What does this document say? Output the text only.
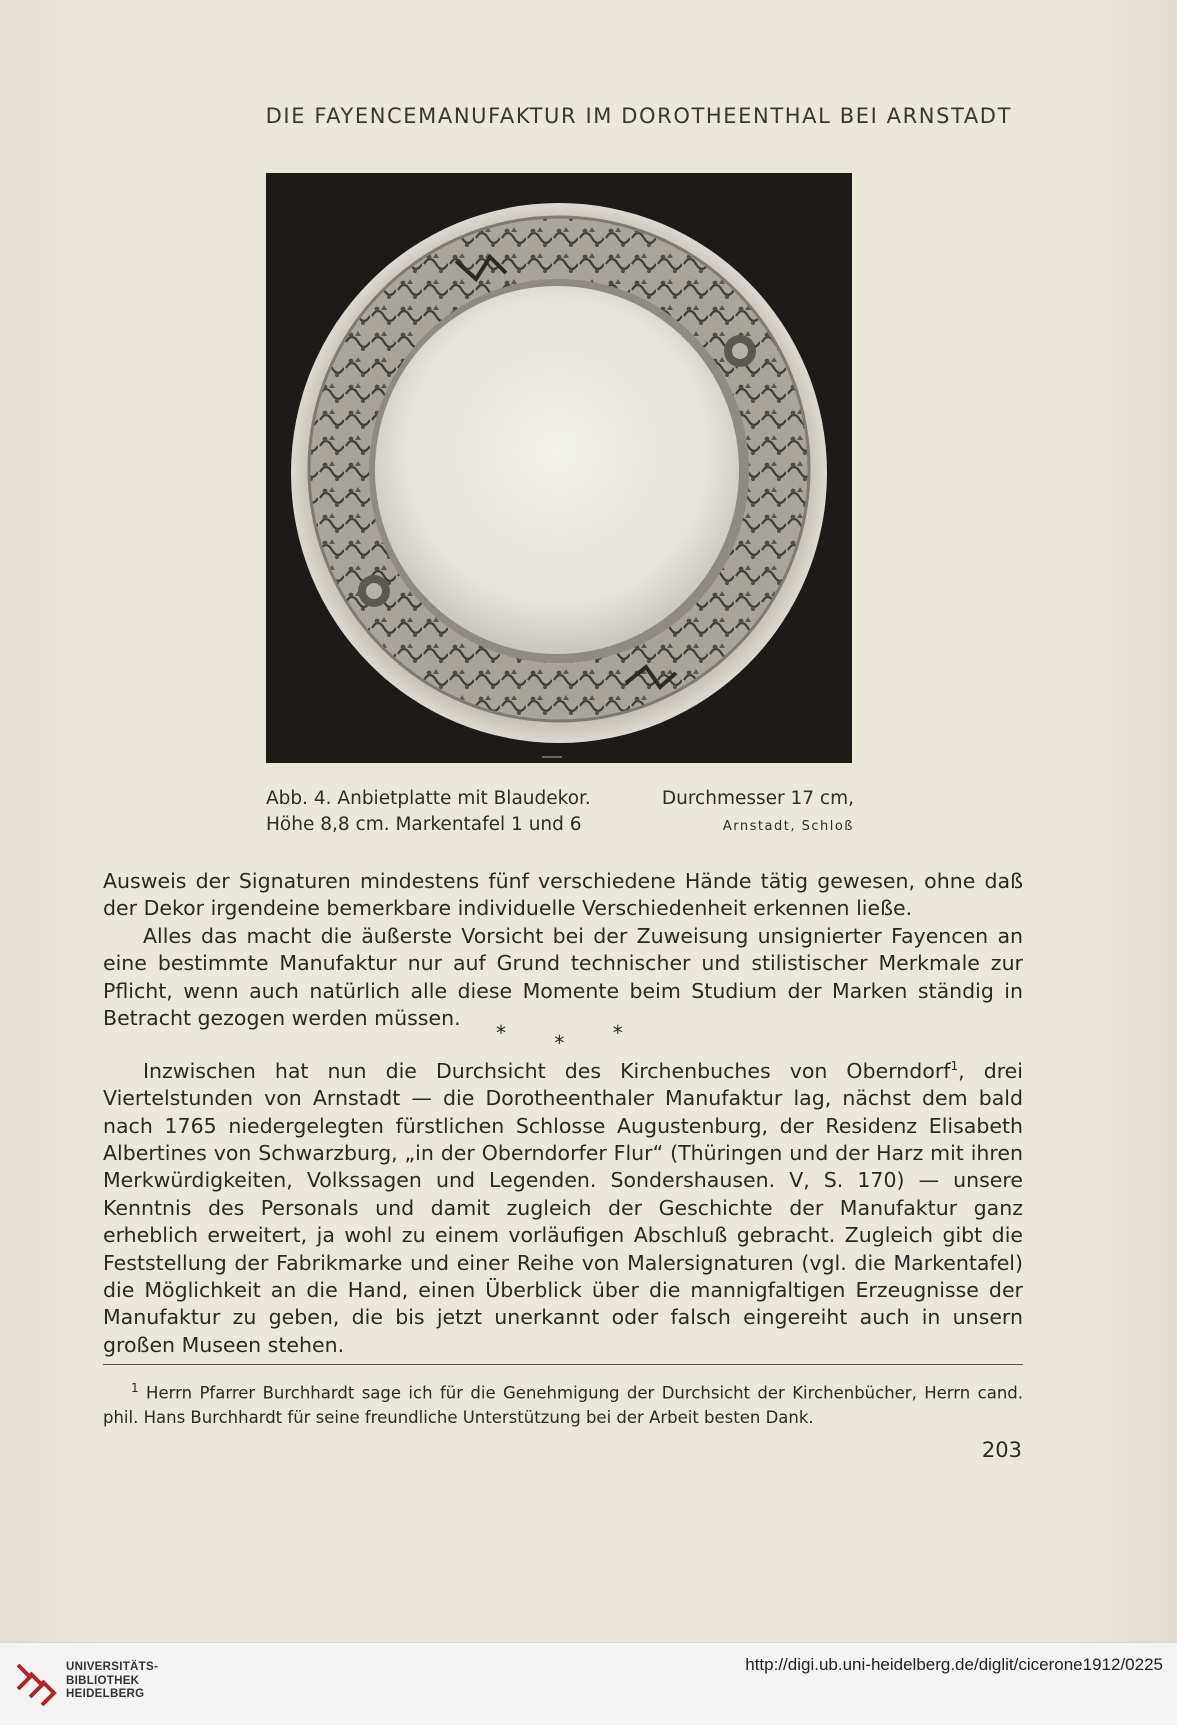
DIE FAYENCEMANUFAKTUR IM DOROTHEENTHAL BEI ARNSTADT
Abb. 4. Anbietplatte mit Blaudekor.	Durchmesser 17 cm,
Höhe 8,8 cm. Markentafel 1 und 6	Arnstadt, Schloß

Ausweis der Signaturen mindestens fünf verschiedene Hände tätig gewesen, ohne daß der Dekor irgendeine bemerkbare individuelle Verschiedenheit erkennen ließe.

Alles das macht die äußerste Vorsicht bei der Zuweisung unsignierter Fayencen an eine bestimmte Manufaktur nur auf Grund technischer und stilistischer Merkmale zur Pflicht, wenn auch natürlich alle diese Momente beim Studium der Marken ständig in Betracht gezogen werden müssen.

* * *

Inzwischen hat nun die Durchsicht des Kirchenbuches von Oberndorf$^1$, drei Viertelstunden von Arnstadt — die Dorotheenthaler Manufaktur lag, nächst dem bald nach 1765 niedergelegten fürstlichen Schlosse Augustenburg, der Residenz Elisabeth Albertines von Schwarzburg, „in der Oberndorfer Flur“ (Thüringen und der Harz mit ihren Merkwürdigkeiten, Volkssagen und Legenden. Sondershausen. V, S. 170) — unsere Kenntnis des Personals und damit zugleich der Geschichte der Manufaktur ganz erheblich erweitert, ja wohl zu einem vorläufigen Abschluß gebracht. Zugleich gibt die Feststellung der Fabrikmarke und einer Reihe von Malersignaturen (vgl. die Markentafel) die Möglichkeit an die Hand, einen Überblick über die mannigfaltigen Erzeugnisse der Manufaktur zu geben, die bis jetzt unerkannt oder falsch eingereiht auch in unsern großen Museen stehen.

$^1$ Herrn Pfarrer Burchhardt sage ich für die Genehmigung der Durchsicht der Kirchenbücher, Herrn cand. phil. Hans Burchhardt für seine freundliche Unterstützung bei der Arbeit besten Dank.

203
UNIVERSITÄTS-
BIBLIOTHEK
HEIDELBERG
http://digi.ub.uni-heidelberg.de/diglit/cicerone1912/0225
